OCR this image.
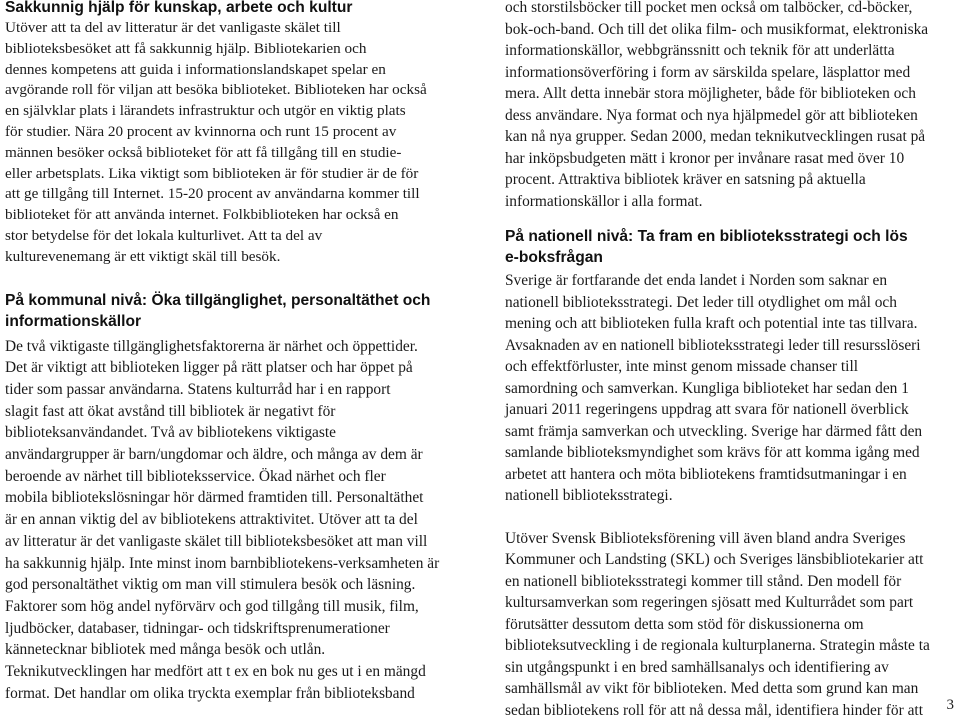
Sakkunnig hjälp för kunskap, arbete och kultur
Utöver att ta del av litteratur är det vanligaste skälet till
biblioteksbesöket att få sakkunnig hjälp. Bibliotekarien och
dennes kompetens att guida i informationslandskapet spelar en
avgörande roll för viljan att besöka biblioteket. Biblioteken har också
en självklar plats i lärandets infrastruktur och utgör en viktig plats
för studier. Nära 20 procent av kvinnorna och runt 15 procent av
männen besöker också biblioteket för att få tillgång till en studie-
eller arbetsplats. Lika viktigt som biblioteken är för studier är de för
att ge tillgång till Internet. 15-20 procent av användarna kommer till
biblioteket för att använda internet. Folkbiblioteken har också en
stor betydelse för det lokala kulturlivet. Att ta del av
kulturevenemang är ett viktigt skäl till besök.
På kommunal nivå: Öka tillgänglighet, personaltäthet och
informationskällor
De två viktigaste tillgänglighetsfaktorerna är närhet och öppettider.
Det är viktigt att biblioteken ligger på rätt platser och har öppet på
tider som passar användarna. Statens kulturråd har i en rapport
slagit fast att ökat avstånd till bibliotek är negativt för
biblioteksanvändandet. Två av bibliotekens viktigaste
användargrupper är barn/ungdomar och äldre, och många av dem är
beroende av närhet till biblioteksservice. Ökad närhet och fler
mobila bibliotekslösningar hör därmed framtiden till. Personaltäthet
är en annan viktig del av bibliotekens attraktivitet. Utöver att ta del
av litteratur är det vanligaste skälet till biblioteksbesöket att man vill
ha sakkunnig hjälp. Inte minst inom barnbibliotekens-verksamheten är
god personaltäthet viktig om man vill stimulera besök och läsning.
Faktorer som hög andel nyförvärv och god tillgång till musik, film,
ljudböcker, databaser, tidningar- och tidskriftsprenumerationer
kännetecknar bibliotek med många besök och utlån.
Teknikutvecklingen har medfört att t ex en bok nu ges ut i en mängd
format. Det handlar om olika tryckta exemplar från biblioteksband
och storstilsböcker till pocket men också om talböcker, cd-böcker,
bok-och-band. Och till det olika film- och musikformat, elektroniska
informationskällor, webbgränssnitt och teknik för att underlätta
informationsöverföring i form av särskilda spelare, läsplattor med
mera. Allt detta innebär stora möjligheter, både för biblioteken och
dess användare. Nya format och nya hjälpmedel gör att biblioteken
kan nå nya grupper. Sedan 2000, medan teknikutvecklingen rusat på
har inköpsbudgeten mätt i kronor per invånare rasat med över 10
procent. Attraktiva bibliotek kräver en satsning på aktuella
informationskällor i alla format.
På nationell nivå: Ta fram en biblioteksstrategi och lös
e-boksfrågan
Sverige är fortfarande det enda landet i Norden som saknar en
nationell biblioteksstrategi. Det leder till otydlighet om mål och
mening och att biblioteken fulla kraft och potential inte tas tillvara.
Avsaknaden av en nationell biblioteksstrategi leder till resursslöseri
och effektförluster, inte minst genom missade chanser till
samordning och samverkan. Kungliga biblioteket har sedan den 1
januari 2011 regeringens uppdrag att svara för nationell överblick
samt främja samverkan och utveckling. Sverige har därmed fått den
samlande biblioteksmyndighet som krävs för att komma igång med
arbetet att hantera och möta bibliotekens framtidsutmaningar i en
nationell biblioteksstrategi.
Utöver Svensk Biblioteksförening vill även bland andra Sveriges
Kommuner och Landsting (SKL) och Sveriges länsbibliotekarier att
en nationell biblioteksstrategi kommer till stånd. Den modell för
kultursamverkan som regeringen sjösatt med Kulturrådet som part
förutsätter dessutom detta som stöd för diskussionerna om
biblioteksutveckling i de regionala kulturplanerna. Strategin måste ta
sin utgångspunkt i en bred samhällsanalys och identifiering av
samhällsmål av vikt för biblioteken. Med detta som grund kan man
sedan bibliotekens roll för att nå dessa mål, identifiera hinder för att	3
